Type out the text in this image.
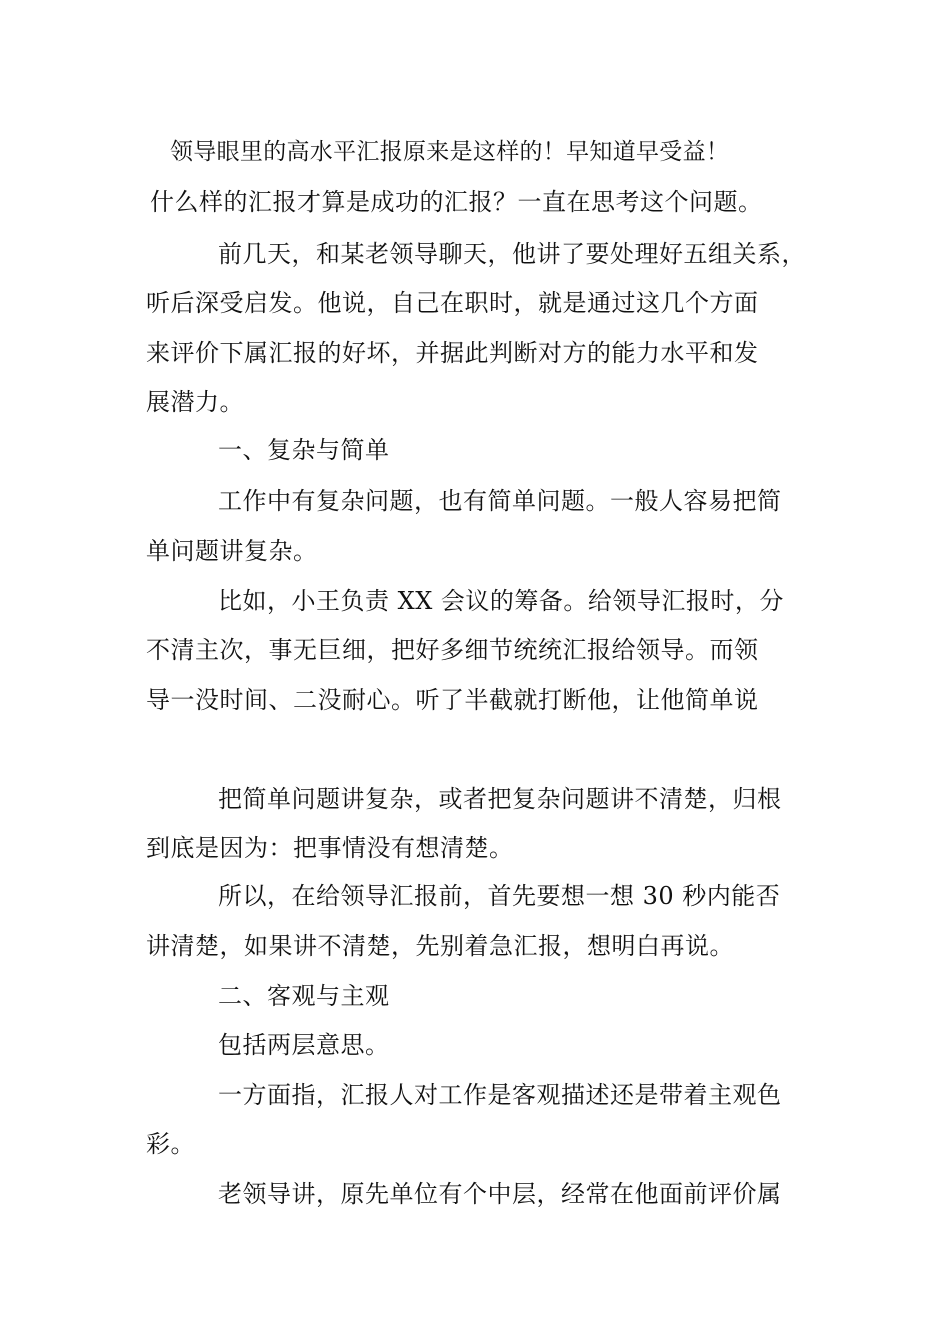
领导眼里的高水平汇报原来是这样的！早知道早受益！
什么样的汇报才算是成功的汇报？一直在思考这个问题。
前几天，和某老领导聊天，他讲了要处理好五组关系，
听后深受启发。他说，自己在职时，就是通过这几个方面
来评价下属汇报的好坏，并据此判断对方的能力水平和发
展潜力。
一、复杂与简单
工作中有复杂问题，也有简单问题。一般人容易把简
单问题讲复杂。
比如，小王负责 XX 会议的筹备。给领导汇报时，分
不清主次，事无巨细，把好多细节统统汇报给领导。而领
导一没时间、二没耐心。听了半截就打断他，让他简单说
把简单问题讲复杂，或者把复杂问题讲不清楚，归根
到底是因为：把事情没有想清楚。
所以，在给领导汇报前，首先要想一想 30 秒内能否
讲清楚，如果讲不清楚，先别着急汇报，想明白再说。
二、客观与主观
包括两层意思。
一方面指，汇报人对工作是客观描述还是带着主观色
彩。
老领导讲，原先单位有个中层，经常在他面前评价属
